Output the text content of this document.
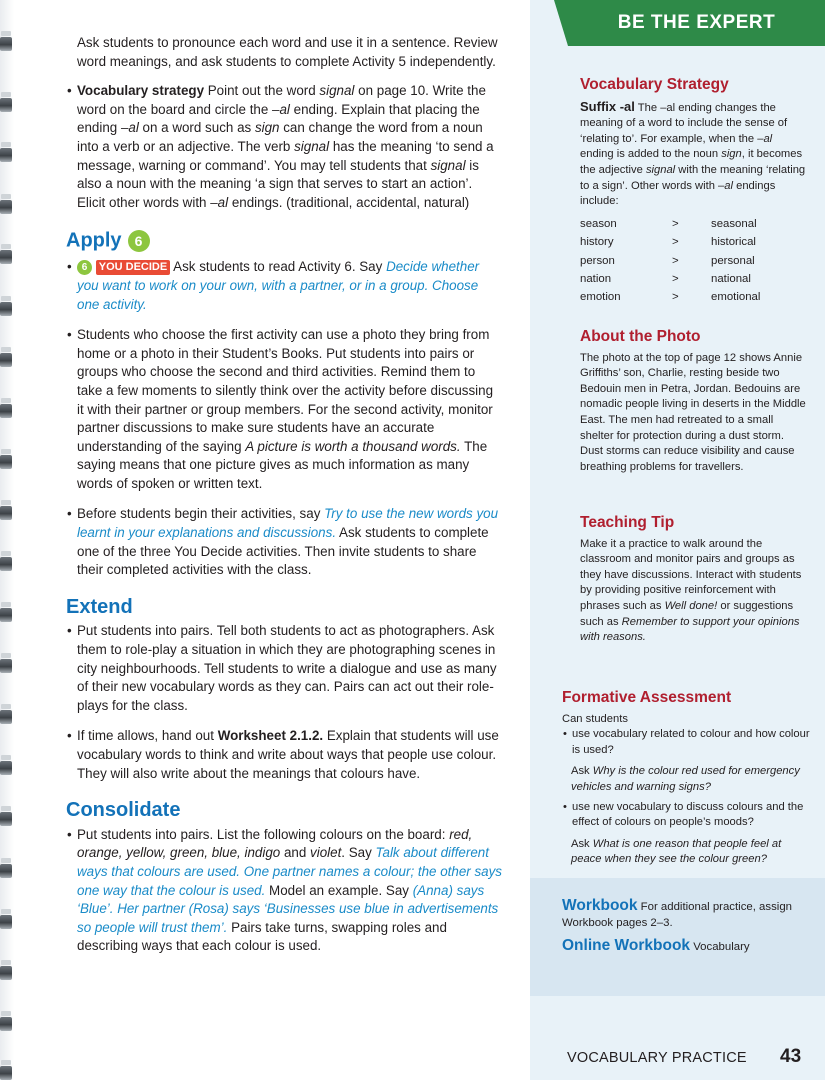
Ask students to pronounce each word and use it in a sentence. Review word meanings, and ask students to complete Activity 5 independently.

• Vocabulary strategy Point out the word signal on page 10. Write the word on the board and circle the –al ending. Explain that placing the ending –al on a word such as sign can change the word from a noun into a verb or an adjective. The verb signal has the meaning ‘to send a message, warning or command’. You may tell students that signal is also a noun with the meaning ‘a sign that serves to start an action’. Elicit other words with –al endings. (traditional, accidental, natural)
Apply 6
• 6 YOU DECIDE Ask students to read Activity 6. Say Decide whether you want to work on your own, with a partner, or in a group. Choose one activity.
• Students who choose the first activity can use a photo they bring from home or a photo in their Student’s Books. Put students into pairs or groups who choose the second and third activities. Remind them to take a few moments to silently think over the activity before discussing it with their partner or group members. For the second activity, monitor partner discussions to make sure students have an accurate understanding of the saying A picture is worth a thousand words. The saying means that one picture gives as much information as many words of spoken or written text.
• Before students begin their activities, say Try to use the new words you learnt in your explanations and discussions. Ask students to complete one of the three You Decide activities. Then invite students to share their completed activities with the class.
Extend
• Put students into pairs. Tell both students to act as photographers. Ask them to role-play a situation in which they are photographing scenes in city neighbourhoods. Tell students to write a dialogue and use as many of their new vocabulary words as they can. Pairs can act out their role-plays for the class.
• If time allows, hand out Worksheet 2.1.2. Explain that students will use vocabulary words to think and write about ways that people use colour. They will also write about the meanings that colours have.
Consolidate
• Put students into pairs. List the following colours on the board: red, orange, yellow, green, blue, indigo and violet. Say Talk about different ways that colours are used. One partner names a colour; the other says one way that the colour is used. Model an example. Say (Anna) says ‘Blue’. Her partner (Rosa) says ‘Businesses use blue in advertisements so people will trust them’. Pairs take turns, swapping roles and describing ways that each colour is used.
BE THE EXPERT
Vocabulary Strategy
Suffix -al The –al ending changes the meaning of a word to include the sense of ‘relating to’. For example, when the –al ending is added to the noun sign, it becomes the adjective signal with the meaning ‘relating to a sign’. Other words with –al endings include:
season	>	seasonal
history	>	historical
person	>	personal
nation	>	national
emotion	>	emotional
About the Photo
The photo at the top of page 12 shows Annie Griffiths’ son, Charlie, resting beside two Bedouin men in Petra, Jordan. Bedouins are nomadic people living in deserts in the Middle East. The men had retreated to a small shelter for protection during a dust storm. Dust storms can reduce visibility and cause breathing problems for travellers.
Teaching Tip
Make it a practice to walk around the classroom and monitor pairs and groups as they have discussions. Interact with students by providing positive reinforcement with phrases such as Well done! or suggestions such as Remember to support your opinions with reasons.
Formative Assessment
Can students
• use vocabulary related to colour and how colour is used?
Ask Why is the colour red used for emergency vehicles and warning signs?
• use new vocabulary to discuss colours and the effect of colours on people’s moods?
Ask What is one reason that people feel at peace when they see the colour green?
Workbook For additional practice, assign Workbook pages 2–3.
Online Workbook Vocabulary
VOCABULARY PRACTICE 43
